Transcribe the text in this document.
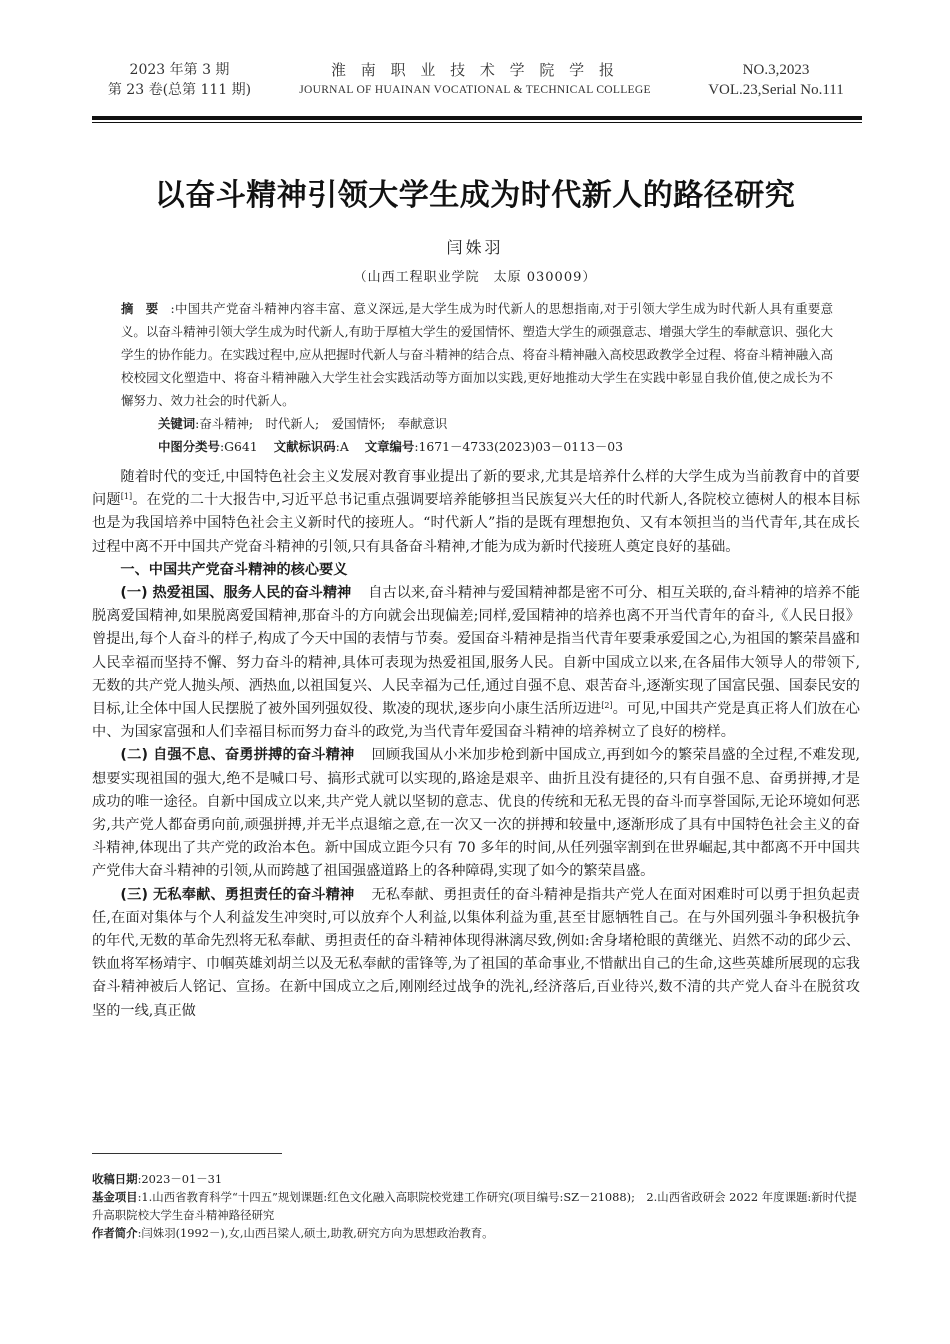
2023 年第 3 期
第 23 卷(总第 111 期)
淮 南 职 业 技 术 学 院 学 报
JOURNAL OF HUAINAN VOCATIONAL & TECHNICAL COLLEGE
NO.3,2023
VOL.23,Serial No.111
以奋斗精神引领大学生成为时代新人的路径研究
闫姝羽
（山西工程职业学院　太原 030009）
摘要:中国共产党奋斗精神内容丰富、意义深远,是大学生成为时代新人的思想指南,对于引领大学生成为时代新人具有重要意义。以奋斗精神引领大学生成为时代新人,有助于厚植大学生的爱国情怀、塑造大学生的顽强意志、增强大学生的奉献意识、强化大学生的协作能力。在实践过程中,应从把握时代新人与奋斗精神的结合点、将奋斗精神融入高校思政教学全过程、将奋斗精神融入高校校园文化塑造中、将奋斗精神融入大学生社会实践活动等方面加以实践,更好地推动大学生在实践中彰显自我价值,使之成长为不懈努力、效力社会的时代新人。
关键词:奋斗精神;　时代新人;　爱国情怀;　奉献意识
中图分类号:G641 文献标识码:A 文章编号:1671－4733(2023)03－0113－03

随着时代的变迁,中国特色社会主义发展对教育事业提出了新的要求,尤其是培养什么样的大学生成为当前教育中的首要问题[1]。在党的二十大报告中,习近平总书记重点强调要培养能够担当民族复兴大任的时代新人,各院校立德树人的根本目标也是为我国培养中国特色社会主义新时代的接班人。“时代新人”指的是既有理想抱负、又有本领担当的当代青年,其在成长过程中离不开中国共产党奋斗精神的引领,只有具备奋斗精神,才能为成为新时代接班人奠定良好的基础。

一、中国共产党奋斗精神的核心要义

(一) 热爱祖国、服务人民的奋斗精神 自古以来,奋斗精神与爱国精神都是密不可分、相互关联的,奋斗精神的培养不能脱离爱国精神,如果脱离爱国精神,那奋斗的方向就会出现偏差;同样,爱国精神的培养也离不开当代青年的奋斗,《人民日报》曾提出,每个人奋斗的样子,构成了今天中国的表情与节奏。爱国奋斗精神是指当代青年要秉承爱国之心,为祖国的繁荣昌盛和人民幸福而坚持不懈、努力奋斗的精神,具体可表现为热爱祖国,服务人民。自新中国成立以来,在各届伟大领导人的带领下,无数的共产党人抛头颅、洒热血,以祖国复兴、人民幸福为己任,通过自强不息、艰苦奋斗,逐渐实现了国富民强、国泰民安的目标,让全体中国人民摆脱了被外国列强奴役、欺凌的现状,逐步向小康生活所迈进[2]。可见,中国共产党是真正将人们放在心中、为国家富强和人们幸福目标而努力奋斗的政党,为当代青年爱国奋斗精神的培养树立了良好的榜样。

(二) 自强不息、奋勇拼搏的奋斗精神 回顾我国从小米加步枪到新中国成立,再到如今的繁荣昌盛的全过程,不难发现,想要实现祖国的强大,绝不是喊口号、搞形式就可以实现的,路途是艰辛、曲折且没有捷径的,只有自强不息、奋勇拼搏,才是成功的唯一途径。自新中国成立以来,共产党人就以坚韧的意志、优良的传统和无私无畏的奋斗而享誉国际,无论环境如何恶劣,共产党人都奋勇向前,顽强拼搏,并无半点退缩之意,在一次又一次的拼搏和较量中,逐渐形成了具有中国特色社会主义的奋斗精神,体现出了共产党的政治本色。新中国成立距今只有 70 多年的时间,从任列强宰割到在世界崛起,其中都离不开中国共产党伟大奋斗精神的引领,从而跨越了祖国强盛道路上的各种障碍,实现了如今的繁荣昌盛。

(三) 无私奉献、勇担责任的奋斗精神 无私奉献、勇担责任的奋斗精神是指共产党人在面对困难时可以勇于担负起责任,在面对集体与个人利益发生冲突时,可以放弃个人利益,以集体利益为重,甚至甘愿牺牲自己。在与外国列强斗争积极抗争的年代,无数的革命先烈将无私奉献、勇担责任的奋斗精神体现得淋漓尽致,例如:舍身堵枪眼的黄继光、岿然不动的邱少云、铁血将军杨靖宇、巾帼英雄刘胡兰以及无私奉献的雷锋等,为了祖国的革命事业,不惜献出自己的生命,这些英雄所展现的忘我奋斗精神被后人铭记、宣扬。在新中国成立之后,刚刚经过战争的洗礼,经济落后,百业待兴,数不清的共产党人奋斗在脱贫攻坚的一线,真正做

收稿日期:2023－01－31

基金项目:1.山西省教育科学“十四五”规划课题:红色文化融入高职院校党建工作研究(项目编号:SZ－21088);　2.山西省政研会 2022 年度课题:新时代提升高职院校大学生奋斗精神路径研究

作者简介:闫姝羽(1992－),女,山西吕梁人,硕士,助教,研究方向为思想政治教育。
